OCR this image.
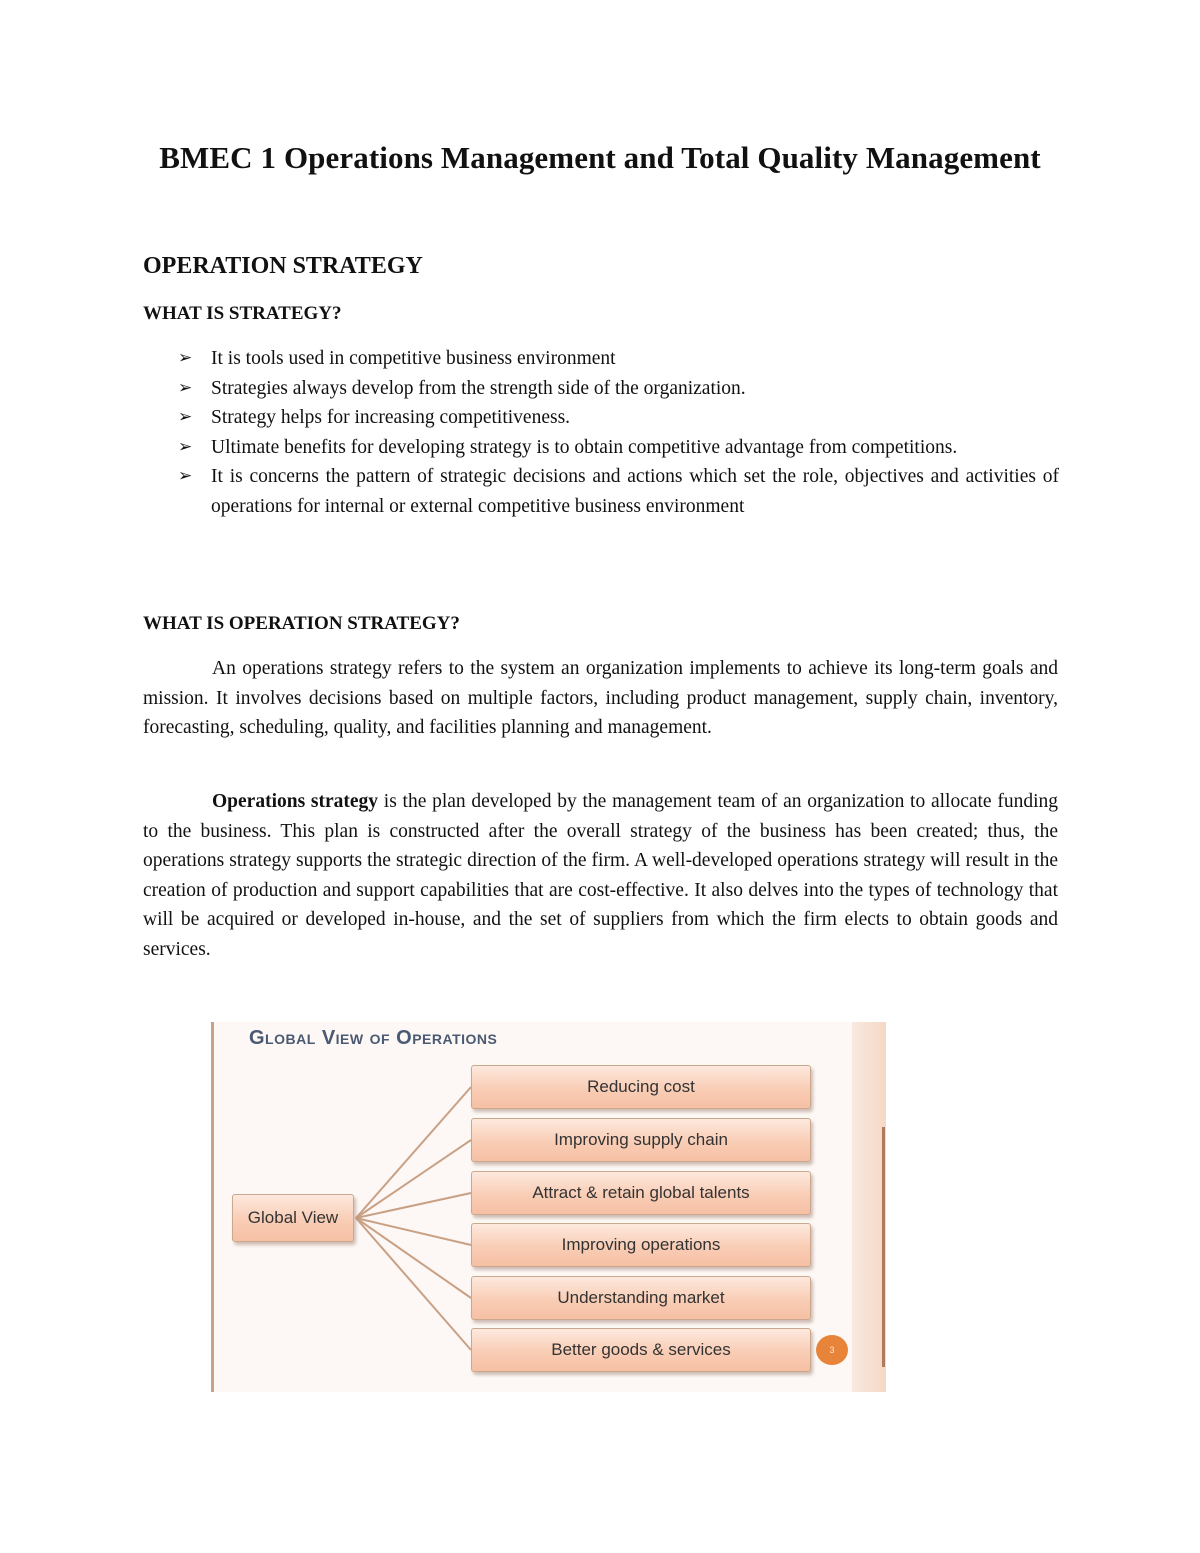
BMEC 1 Operations Management and Total Quality Management
OPERATION STRATEGY
WHAT IS STRATEGY?
➢ It is tools used in competitive business environment
➢ Strategies always develop from the strength side of the organization.
➢ Strategy helps for increasing competitiveness.
➢ Ultimate benefits for developing strategy is to obtain competitive advantage from competitions.
➢ It is concerns the pattern of strategic decisions and actions which set the role, objectives and activities of operations for internal or external competitive business environment
WHAT IS OPERATION STRATEGY?

An operations strategy refers to the system an organization implements to achieve its long-term goals and mission. It involves decisions based on multiple factors, including product management, supply chain, inventory, forecasting, scheduling, quality, and facilities planning and management.

Operations strategy is the plan developed by the management team of an organization to allocate funding to the business. This plan is constructed after the overall strategy of the business has been created; thus, the operations strategy supports the strategic direction of the firm. A well-developed operations strategy will result in the creation of production and support capabilities that are cost-effective. It also delves into the types of technology that will be acquired or developed in-house, and the set of suppliers from which the firm elects to obtain goods and services.

Global View of Operations
Global View
Reducing cost
Improving supply chain
Attract & retain global talents
Improving operations
Understanding market
Better goods & services	3
